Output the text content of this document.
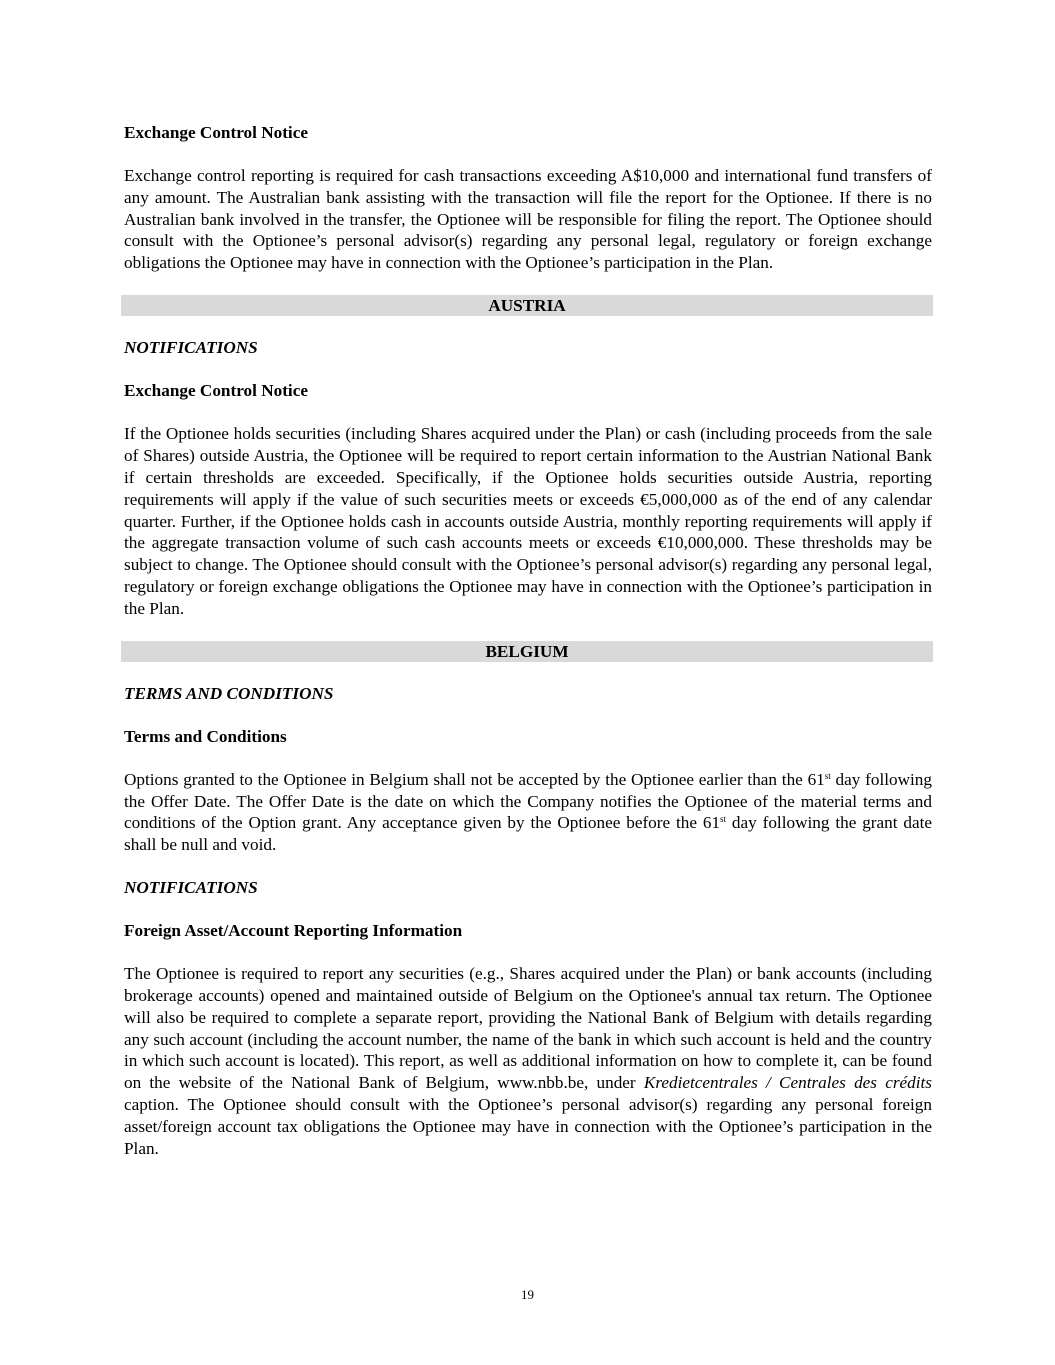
Exchange Control Notice

Exchange control reporting is required for cash transactions exceeding A$10,000 and international fund transfers of any amount. The Australian bank assisting with the transaction will file the report for the Optionee. If there is no Australian bank involved in the transfer, the Optionee will be responsible for filing the report. The Optionee should consult with the Optionee’s personal advisor(s) regarding any personal legal, regulatory or foreign exchange obligations the Optionee may have in connection with the Optionee’s participation in the Plan.

AUSTRIA

NOTIFICATIONS

Exchange Control Notice

If the Optionee holds securities (including Shares acquired under the Plan) or cash (including proceeds from the sale of Shares) outside Austria, the Optionee will be required to report certain information to the Austrian National Bank if certain thresholds are exceeded. Specifically, if the Optionee holds securities outside Austria, reporting requirements will apply if the value of such securities meets or exceeds €5,000,000 as of the end of any calendar quarter. Further, if the Optionee holds cash in accounts outside Austria, monthly reporting requirements will apply if the aggregate transaction volume of such cash accounts meets or exceeds €10,000,000. These thresholds may be subject to change. The Optionee should consult with the Optionee’s personal advisor(s) regarding any personal legal, regulatory or foreign exchange obligations the Optionee may have in connection with the Optionee’s participation in the Plan.

BELGIUM

TERMS AND CONDITIONS

Terms and Conditions

Options granted to the Optionee in Belgium shall not be accepted by the Optionee earlier than the 61st day following the Offer Date. The Offer Date is the date on which the Company notifies the Optionee of the material terms and conditions of the Option grant. Any acceptance given by the Optionee before the 61st day following the grant date shall be null and void.

NOTIFICATIONS

Foreign Asset/Account Reporting Information

The Optionee is required to report any securities (e.g., Shares acquired under the Plan) or bank accounts (including brokerage accounts) opened and maintained outside of Belgium on the Optionee's annual tax return. The Optionee will also be required to complete a separate report, providing the National Bank of Belgium with details regarding any such account (including the account number, the name of the bank in which such account is held and the country in which such account is located). This report, as well as additional information on how to complete it, can be found on the website of the National Bank of Belgium, www.nbb.be, under Kredietcentrales / Centrales des crédits caption. The Optionee should consult with the Optionee’s personal advisor(s) regarding any personal foreign asset/foreign account tax obligations the Optionee may have in connection with the Optionee’s participation in the Plan.

19
